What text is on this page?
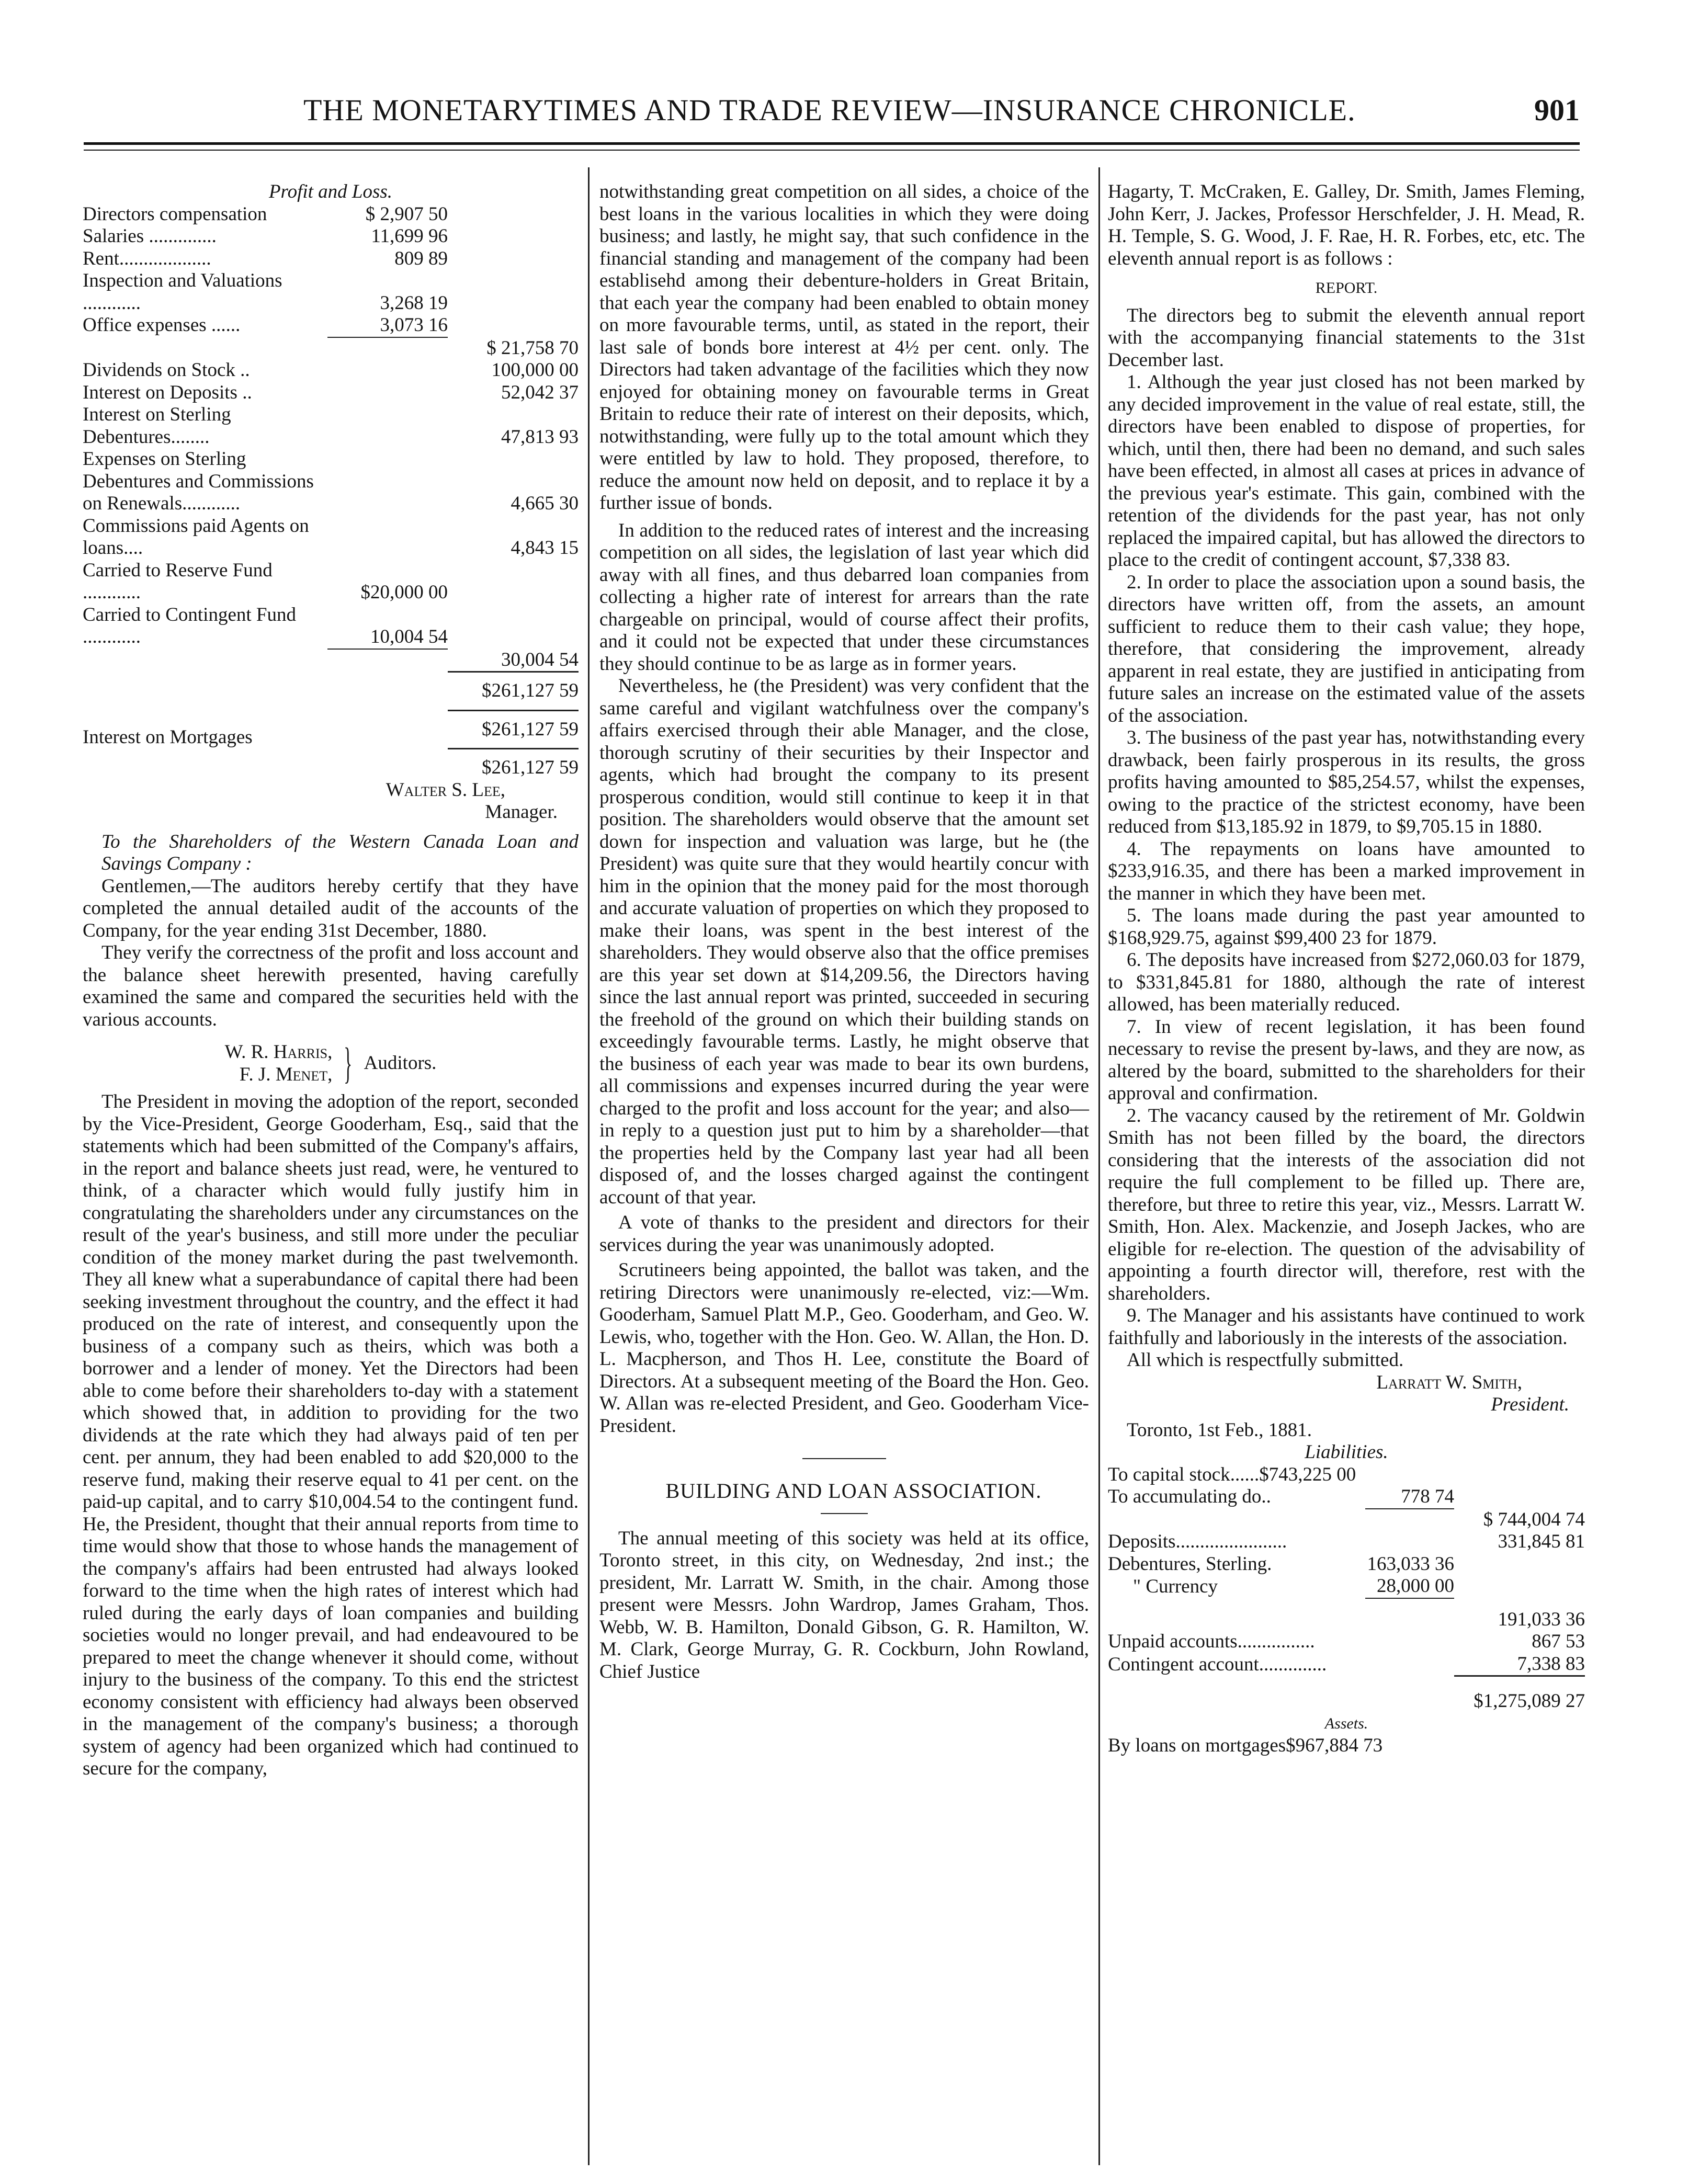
THE MONETARYTIMES AND TRADE REVIEW—INSURANCE CHRONICLE.	901

Profit and Loss.

Directors compensation	$ 2,907 50	
Salaries ..............	11,699 96	
Rent...................	809 89	
Inspection and Valuations ............	3,268 19	
Office expenses ......	3,073 16	
		$ 21,758 70
Dividends on Stock ..		100,000 00
Interest on Deposits ..		52,042 37
Interest on Sterling Debentures........		47,813 93
Expenses on Sterling Debentures and Commissions on Renewals............		4,665 30
Commissions paid Agents on loans....		4,843 15
Carried to Reserve Fund ............	$20,000 00	
Carried to Contingent Fund ............	10,004 54	
		30,004 54
		$261,127 59
Interest on Mortgages		$261,127 59
		$261,127 59
Walter S. Lee,
Manager.

To the Shareholders of the Western Canada Loan and Savings Company :

Gentlemen,—The auditors hereby certify that they have completed the annual detailed audit of the accounts of the Company, for the year ending 31st December, 1880.

They verify the correctness of the profit and loss account and the balance sheet herewith presented, having carefully examined the same and compared the securities held with the various accounts.

W. R. Harris,
F. J. Menet, } Auditors.

The President in moving the adoption of the report, seconded by the Vice-President, George Gooderham, Esq., said that the statements which had been submitted of the Company's affairs, in the report and balance sheets just read, were, he ventured to think, of a character which would fully justify him in congratulating the shareholders under any circumstances on the result of the year's business, and still more under the peculiar condition of the money market during the past twelvemonth. They all knew what a superabundance of capital there had been seeking investment throughout the country, and the effect it had produced on the rate of interest, and consequently upon the business of a company such as theirs, which was both a borrower and a lender of money. Yet the Directors had been able to come before their shareholders to-day with a statement which showed that, in addition to providing for the two dividends at the rate which they had always paid of ten per cent. per annum, they had been enabled to add $20,000 to the reserve fund, making their reserve equal to 41 per cent. on the paid-up capital, and to carry $10,004.54 to the contingent fund. He, the President, thought that their annual reports from time to time would show that those to whose hands the management of the company's affairs had been entrusted had always looked forward to the time when the high rates of interest which had ruled during the early days of loan companies and building societies would no longer prevail, and had endeavoured to be prepared to meet the change whenever it should come, without injury to the business of the company. To this end the strictest economy consistent with efficiency had always been observed in the management of the company's business; a thorough system of agency had been organized which had continued to secure for the company,

notwithstanding great competition on all sides, a choice of the best loans in the various localities in which they were doing business; and lastly, he might say, that such confidence in the financial standing and management of the company had been establisehd among their debenture-holders in Great Britain, that each year the company had been enabled to obtain money on more favourable terms, until, as stated in the report, their last sale of bonds bore interest at 4½ per cent. only. The Directors had taken advantage of the facilities which they now enjoyed for obtaining money on favourable terms in Great Britain to reduce their rate of interest on their deposits, which, notwithstanding, were fully up to the total amount which they were entitled by law to hold. They proposed, therefore, to reduce the amount now held on deposit, and to replace it by a further issue of bonds.

In addition to the reduced rates of interest and the increasing competition on all sides, the legislation of last year which did away with all fines, and thus debarred loan companies from collecting a higher rate of interest for arrears than the rate chargeable on principal, would of course affect their profits, and it could not be expected that under these circumstances they should continue to be as large as in former years.

Nevertheless, he (the President) was very confident that the same careful and vigilant watchfulness over the company's affairs exercised through their able Manager, and the close, thorough scrutiny of their securities by their Inspector and agents, which had brought the company to its present prosperous condition, would still continue to keep it in that position. The shareholders would observe that the amount set down for inspection and valuation was large, but he (the President) was quite sure that they would heartily concur with him in the opinion that the money paid for the most thorough and accurate valuation of properties on which they proposed to make their loans, was spent in the best interest of the shareholders. They would observe also that the office premises are this year set down at $14,209.56, the Directors having since the last annual report was printed, succeeded in securing the freehold of the ground on which their building stands on exceedingly favourable terms. Lastly, he might observe that the business of each year was made to bear its own burdens, all commissions and expenses incurred during the year were charged to the profit and loss account for the year; and also—in reply to a question just put to him by a shareholder—that the properties held by the Company last year had all been disposed of, and the losses charged against the contingent account of that year.

A vote of thanks to the president and directors for their services during the year was unanimously adopted.

Scrutineers being appointed, the ballot was taken, and the retiring Directors were unanimously re-elected, viz:—Wm. Gooderham, Samuel Platt M.P., Geo. Gooderham, and Geo. W. Lewis, who, together with the Hon. Geo. W. Allan, the Hon. D. L. Macpherson, and Thos H. Lee, constitute the Board of Directors. At a subsequent meeting of the Board the Hon. Geo. W. Allan was re-elected President, and Geo. Gooderham Vice-President.

BUILDING AND LOAN ASSOCIATION.

The annual meeting of this society was held at its office, Toronto street, in this city, on Wednesday, 2nd inst.; the president, Mr. Larratt W. Smith, in the chair. Among those present were Messrs. John Wardrop, James Graham, Thos. Webb, W. B. Hamilton, Donald Gibson, G. R. Hamilton, W. M. Clark, George Murray, G. R. Cockburn, John Rowland, Chief Justice

Hagarty, T. McCraken, E. Galley, Dr. Smith, James Fleming, John Kerr, J. Jackes, Professor Herschfelder, J. H. Mead, R. H. Temple, S. G. Wood, J. F. Rae, H. R. Forbes, etc, etc. The eleventh annual report is as follows :

REPORT.

The directors beg to submit the eleventh annual report with the accompanying financial statements to the 31st December last.

1. Although the year just closed has not been marked by any decided improvement in the value of real estate, still, the directors have been enabled to dispose of properties, for which, until then, there had been no demand, and such sales have been effected, in almost all cases at prices in advance of the previous year's estimate. This gain, combined with the retention of the dividends for the past year, has not only replaced the impaired capital, but has allowed the directors to place to the credit of contingent account, $7,338 83.

2. In order to place the association upon a sound basis, the directors have written off, from the assets, an amount sufficient to reduce them to their cash value; they hope, therefore, that considering the improvement, already apparent in real estate, they are justified in anticipating from future sales an increase on the estimated value of the assets of the association.

3. The business of the past year has, notwithstanding every drawback, been fairly prosperous in its results, the gross profits having amounted to $85,254.57, whilst the expenses, owing to the practice of the strictest economy, have been reduced from $13,185.92 in 1879, to $9,705.15 in 1880.

4. The repayments on loans have amounted to $233,916.35, and there has been a marked improvement in the manner in which they have been met.

5. The loans made during the past year amounted to $168,929.75, against $99,400 23 for 1879.

6. The deposits have increased from $272,060.03 for 1879, to $331,845.81 for 1880, although the rate of interest allowed, has been materially reduced.

7. In view of recent legislation, it has been found necessary to revise the present by-laws, and they are now, as altered by the board, submitted to the shareholders for their approval and confirmation.

2. The vacancy caused by the retirement of Mr. Goldwin Smith has not been filled by the board, the directors considering that the interests of the association did not require the full complement to be filled up. There are, therefore, but three to retire this year, viz., Messrs. Larratt W. Smith, Hon. Alex. Mackenzie, and Joseph Jackes, who are eligible for re-election. The question of the advisability of appointing a fourth director will, therefore, rest with the shareholders.

9. The Manager and his assistants have continued to work faithfully and laboriously in the interests of the association.

All which is respectfully submitted.

Larratt W. Smith,
President.

Toronto, 1st Feb., 1881.

Liabilities.

To capital stock......$743,225 00		
To accumulating do..	778 74	
		$ 744,004 74
Deposits.......................		331,845 81
Debentures, Sterling.	163,033 36	
" Currency	28,000 00	

		191,033 36
Unpaid accounts................		867 53
Contingent account..............		7,338 83
		$1,275,089 27

Assets.

By loans on mortgages$967,884 73
